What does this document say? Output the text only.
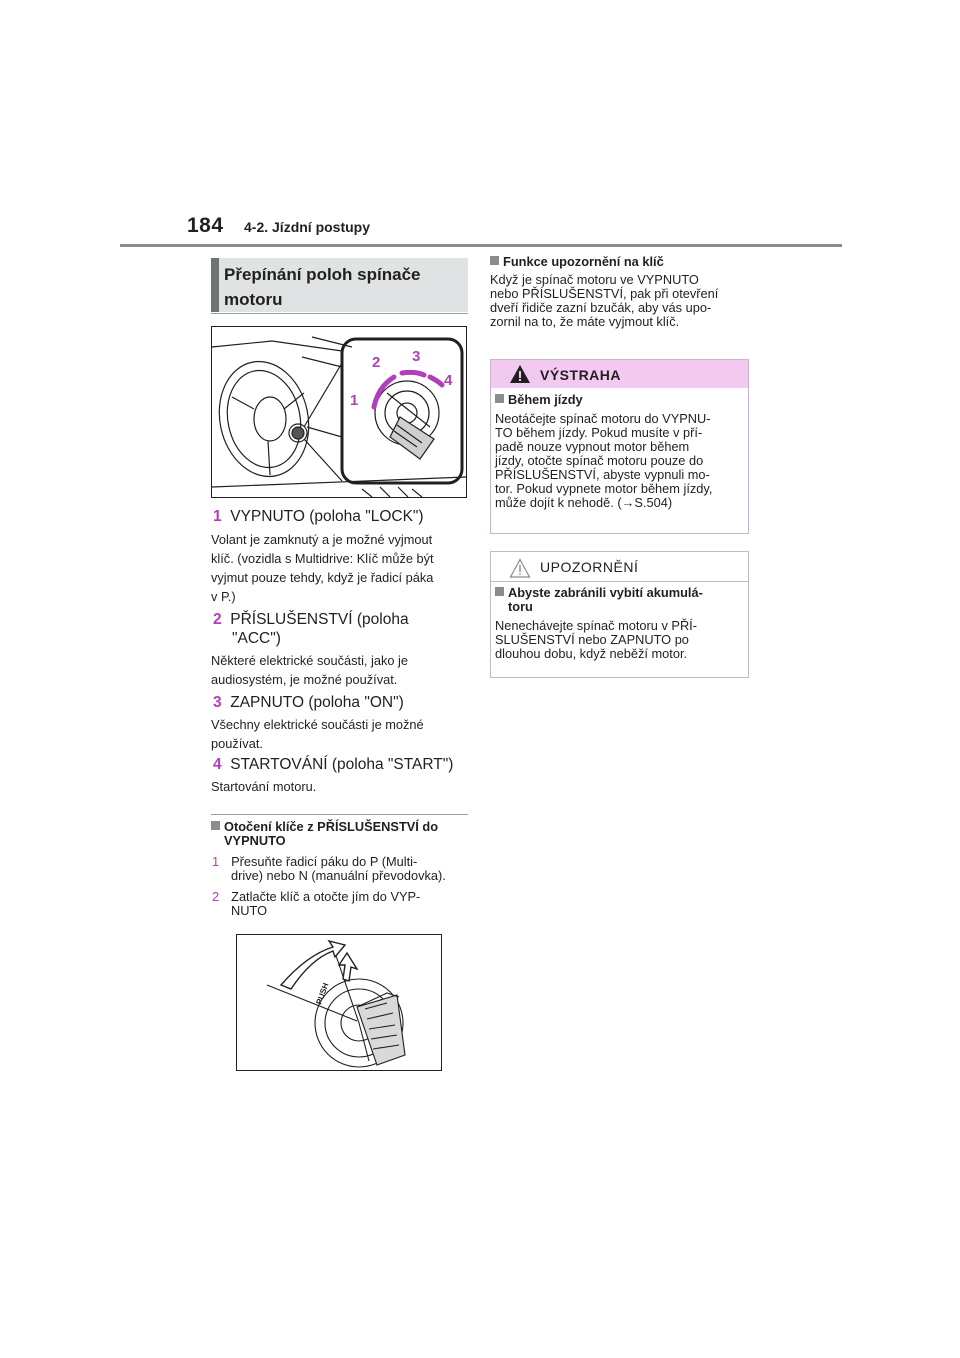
184 4-2. Jízdní postupy
Přepínání poloh spínače
motoru
1
2 3
4
1 VYPNUTO (poloha "LOCK")
Volant je zamknutý a je možné vyjmout
klíč. (vozidla s Multidrive: Klíč může být
vyjmut pouze tehdy, když je řadicí páka
v P.)
2 PŘÍSLUŠENSTVÍ (poloha
"ACC")
Některé elektrické součásti, jako je
audiosystém, je možné používat.
3 ZAPNUTO (poloha "ON")
Všechny elektrické součásti je možné
používat.
4 STARTOVÁNÍ (poloha "START")
Startování motoru.
Otočení klíče z PŘÍSLUŠENSTVÍ do
VYPNUTO
1 Přesuňte řadicí páku do P (Multi-
drive) nebo N (manuální převodovka).
2 Zatlačte klíč a otočte jím do VYP-
NUTO
PUSH
Funkce upozornění na klíč
Když je spínač motoru ve VYPNUTO
nebo PŘÍSLUŠENSTVÍ, pak při otevření
dveří řidiče zazní bzučák, aby vás upo-
zornil na to, že máte vyjmout klíč.
VÝSTRAHA
Během jízdy
Neotáčejte spínač motoru do VYPNU-
TO během jízdy. Pokud musíte v pří-
padě nouze vypnout motor během
jízdy, otočte spínač motoru pouze do
PŘÍSLUŠENSTVÍ, abyste vypnuli mo-
tor. Pokud vypnete motor během jízdy,
může dojít k nehodě. (→S.504)
UPOZORNĚNÍ
Abyste zabránili vybití akumulá-
toru
Nenechávejte spínač motoru v PŘÍ-
SLUŠENSTVÍ nebo ZAPNUTO po
dlouhou dobu, když neběží motor.
